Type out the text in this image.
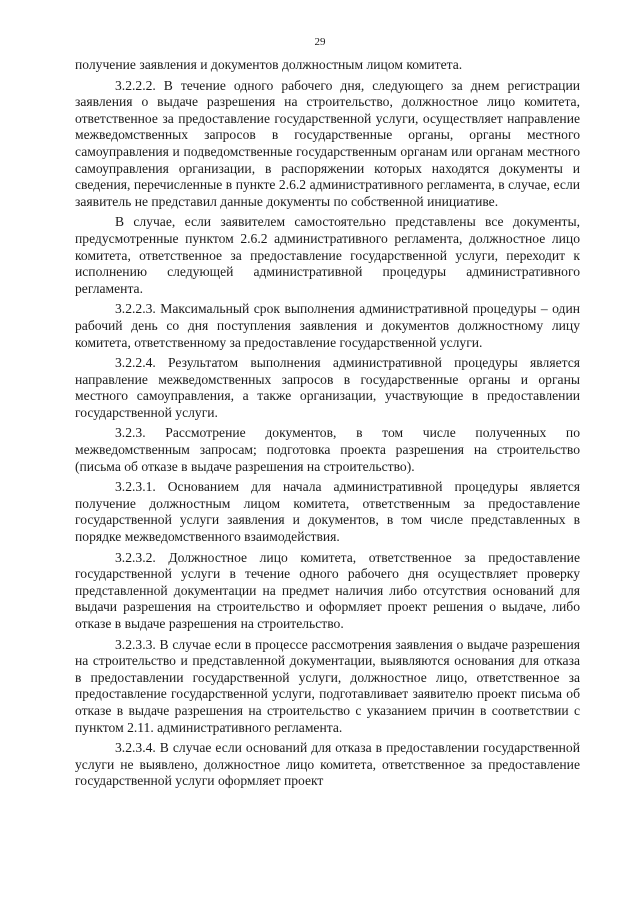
29

получение заявления и документов должностным лицом комитета.

3.2.2.2. В течение одного рабочего дня, следующего за днем регистрации заявления о выдаче разрешения на строительство, должностное лицо комитета, ответственное за предоставление государственной услуги, осуществляет направление межведомственных запросов в государственные органы, органы местного самоуправления и подведомственные государственным органам или органам местного самоуправления организации, в распоряжении которых находятся документы и сведения, перечисленные в пункте 2.6.2 административного регламента, в случае, если заявитель не представил данные документы по собственной инициативе.

В случае, если заявителем самостоятельно представлены все документы, предусмотренные пунктом 2.6.2 административного регламента, должностное лицо комитета, ответственное за предоставление государственной услуги, переходит к исполнению следующей административной процедуры административного регламента.

3.2.2.3. Максимальный срок выполнения административной процедуры – один рабочий день со дня поступления заявления и документов должностному лицу комитета, ответственному за предоставление государственной услуги.

3.2.2.4. Результатом выполнения административной процедуры является направление межведомственных запросов в государственные органы и органы местного самоуправления, а также организации, участвующие в предоставлении государственной услуги.

3.2.3. Рассмотрение документов, в том числе полученных по межведомственным запросам; подготовка проекта разрешения на строительство (письма об отказе в выдаче разрешения на строительство).

3.2.3.1. Основанием для начала административной процедуры является получение должностным лицом комитета, ответственным за предоставление государственной услуги заявления и документов, в том числе представленных в порядке межведомственного взаимодействия.

3.2.3.2. Должностное лицо комитета, ответственное за предоставление государственной услуги в течение одного рабочего дня осуществляет проверку представленной документации на предмет наличия либо отсутствия оснований для выдачи разрешения на строительство и оформляет проект решения о выдаче, либо отказе в выдаче разрешения на строительство.

3.2.3.3. В случае если в процессе рассмотрения заявления о выдаче разрешения на строительство и представленной документации, выявляются основания для отказа в предоставлении государственной услуги, должностное лицо, ответственное за предоставление государственной услуги, подготавливает заявителю проект письма об отказе в выдаче разрешения на строительство с указанием причин в соответствии с пунктом 2.11. административного регламента.

3.2.3.4. В случае если оснований для отказа в предоставлении государственной услуги не выявлено, должностное лицо комитета, ответственное за предоставление государственной услуги оформляет проект
